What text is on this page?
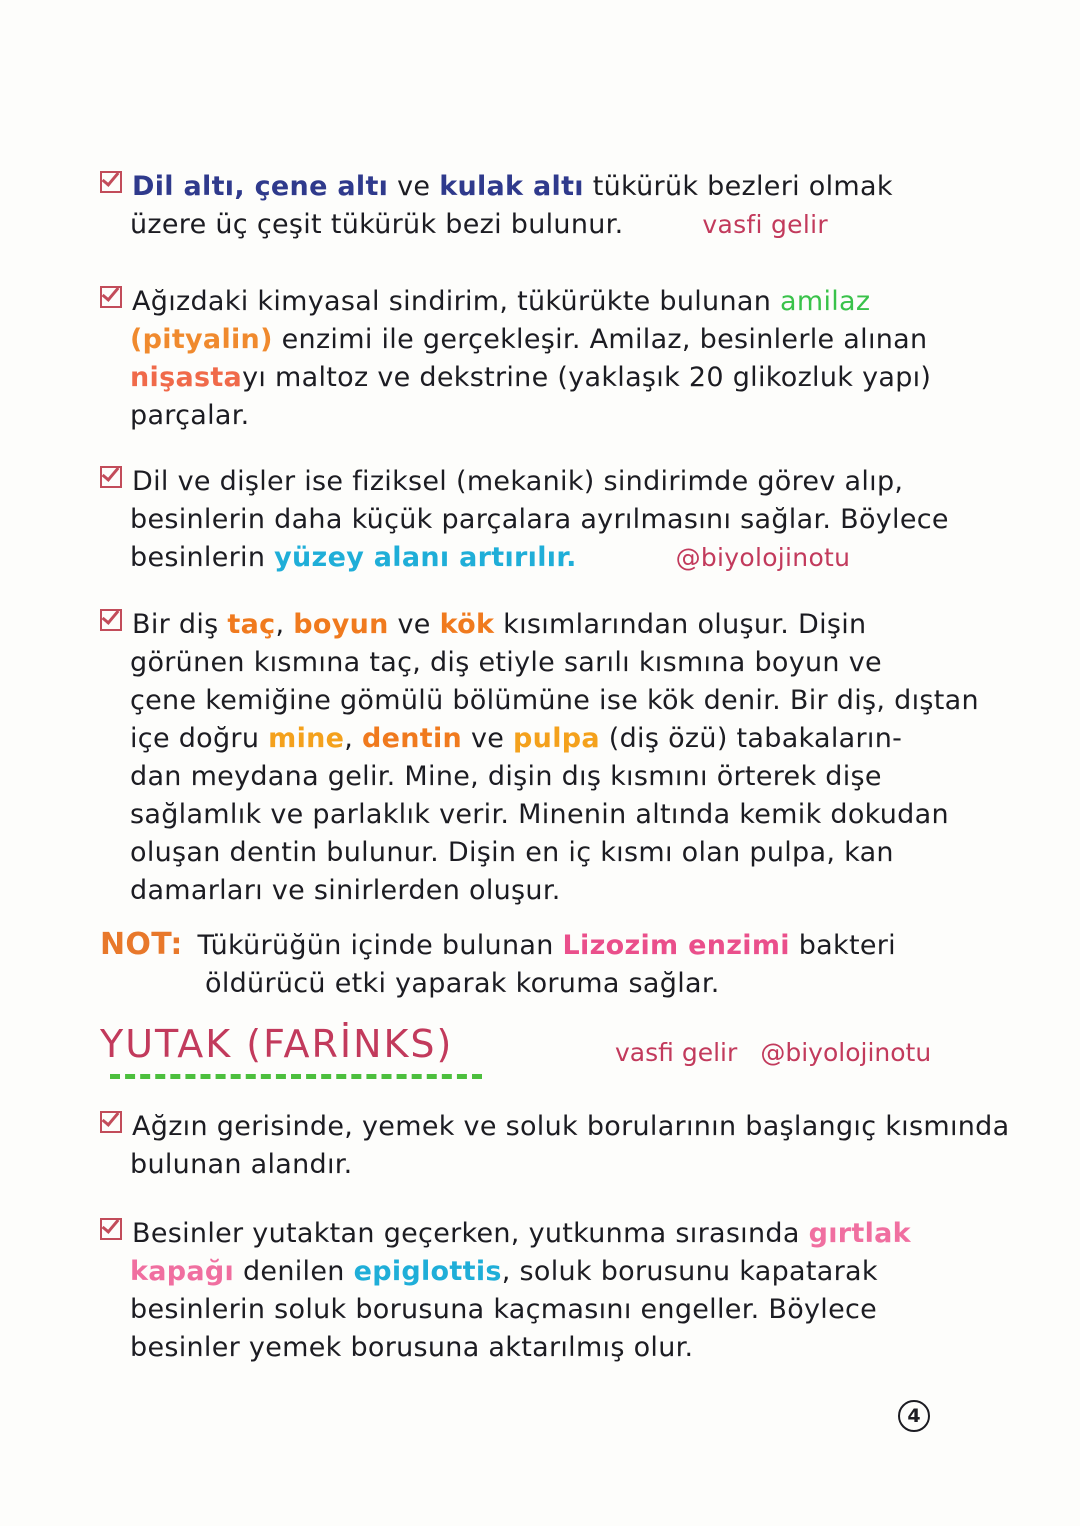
Dil altı, çene altı ve kulak altı tükürük bezleri olmak
üzere üç çeşit tükürük bezi bulunur.	vasfi gelir
Ağızdaki kimyasal sindirim, tükürükte bulunan amilaz
(pityalin) enzimi ile gerçekleşir. Amilaz, besinlerle alınan
nişastayı maltoz ve dekstrine (yaklaşık 20 glikozluk yapı)
parçalar.
Dil ve dişler ise fiziksel (mekanik) sindirimde görev alıp,
besinlerin daha küçük parçalara ayrılmasını sağlar. Böylece
besinlerin yüzey alanı artırılır.	@biyolojinotu
Bir diş taç, boyun ve kök kısımlarından oluşur. Dişin
görünen kısmına taç, diş etiyle sarılı kısmına boyun ve
çene kemiğine gömülü bölümüne ise kök denir. Bir diş, dıştan
içe doğru mine, dentin ve pulpa (diş özü) tabakaların-
dan meydana gelir. Mine, dişin dış kısmını örterek dişe
sağlamlık ve parlaklık verir. Minenin altında kemik dokudan
oluşan dentin bulunur. Dişin en iç kısmı olan pulpa, kan
damarları ve sinirlerden oluşur.
NOT: Tükürüğün içinde bulunan Lizozim enzimi bakteri
öldürücü etki yaparak koruma sağlar.
YUTAK (FARİNKS)	vasfi gelir @biyolojinotu
Ağzın gerisinde, yemek ve soluk borularının başlangıç kısmında
bulunan alandır.
Besinler yutaktan geçerken, yutkunma sırasında gırtlak
kapağı denilen epiglottis, soluk borusunu kapatarak
besinlerin soluk borusuna kaçmasını engeller. Böylece
besinler yemek borusuna aktarılmış olur.
4
